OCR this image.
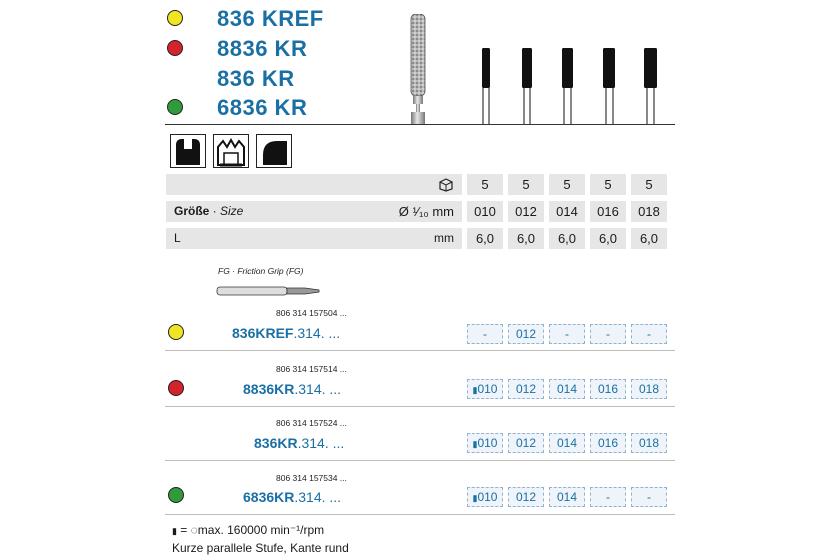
836 KREF
8836 KR
836 KR
6836 KR
5	5	5	5	5
Größe · Size	Ø ¹⁄₁₀ mm	010	012	014	016	018
L	mm	6,0	6,0	6,0	6,0	6,0
FG · Friction Grip (FG)
806 314 157504 ...
836KREF.314. ...	-	012	-	-	-
806 314 157514 ...
8836KR.314. ...	▮010	012	014	016	018
806 314 157524 ...
836KR.314. ...	▮010	012	014	016	018
806 314 157534 ...
6836KR.314. ...	▮010	012	014	-	-
▮ = ◌max. 160000 min⁻¹/rpm
Kurze parallele Stufe, Kante rund
